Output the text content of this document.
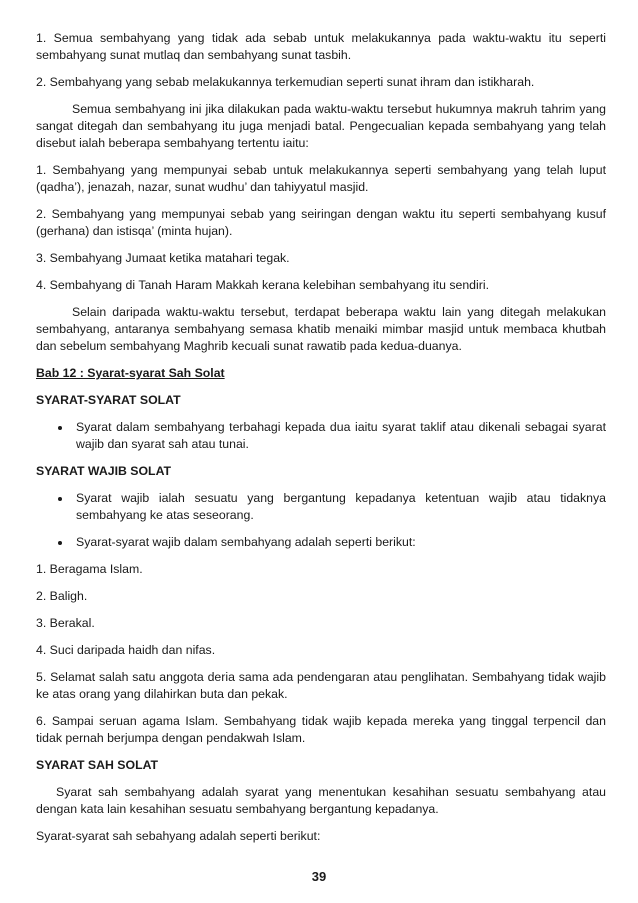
1. Semua sembahyang yang tidak ada sebab untuk melakukannya pada waktu-waktu itu seperti sembahyang sunat mutlaq dan sembahyang sunat tasbih.

2. Sembahyang yang sebab melakukannya terkemudian seperti sunat ihram dan istikharah.

Semua sembahyang ini jika dilakukan pada waktu-waktu tersebut hukumnya makruh tahrim yang sangat ditegah dan sembahyang itu juga menjadi batal. Pengecualian kepada sembahyang yang telah disebut ialah beberapa sembahyang tertentu iaitu:

1. Sembahyang yang mempunyai sebab untuk melakukannya seperti sembahyang yang telah luput (qadha’), jenazah, nazar, sunat wudhu’ dan tahiyyatul masjid.

2. Sembahyang yang mempunyai sebab yang seiringan dengan waktu itu seperti sembahyang kusuf (gerhana) dan istisqa’ (minta hujan).

3. Sembahyang Jumaat ketika matahari tegak.

4. Sembahyang di Tanah Haram Makkah kerana kelebihan sembahyang itu sendiri.

Selain daripada waktu-waktu tersebut, terdapat beberapa waktu lain yang ditegah melakukan sembahyang, antaranya sembahyang semasa khatib menaiki mimbar masjid untuk membaca khutbah dan sebelum sembahyang Maghrib kecuali sunat rawatib pada kedua-duanya.

Bab 12 : Syarat-syarat Sah Solat

SYARAT-SYARAT SOLAT

Syarat dalam sembahyang terbahagi kepada dua iaitu syarat taklif atau dikenali sebagai syarat wajib dan syarat sah atau tunai.

SYARAT WAJIB SOLAT

Syarat wajib ialah sesuatu yang bergantung kepadanya ketentuan wajib atau tidaknya sembahyang ke atas seseorang.
Syarat-syarat wajib dalam sembahyang adalah seperti berikut:

1. Beragama Islam.

2. Baligh.

3. Berakal.

4. Suci daripada haidh dan nifas.

5. Selamat salah satu anggota deria sama ada pendengaran atau penglihatan. Sembahyang tidak wajib ke atas orang yang dilahirkan buta dan pekak.

6. Sampai seruan agama Islam. Sembahyang tidak wajib kepada mereka yang tinggal terpencil dan tidak pernah berjumpa dengan pendakwah Islam.

SYARAT SAH SOLAT

Syarat sah sembahyang adalah syarat yang menentukan kesahihan sesuatu sembahyang atau dengan kata lain kesahihan sesuatu sembahyang bergantung kepadanya.

Syarat-syarat sah sebahyang adalah seperti berikut:

39
